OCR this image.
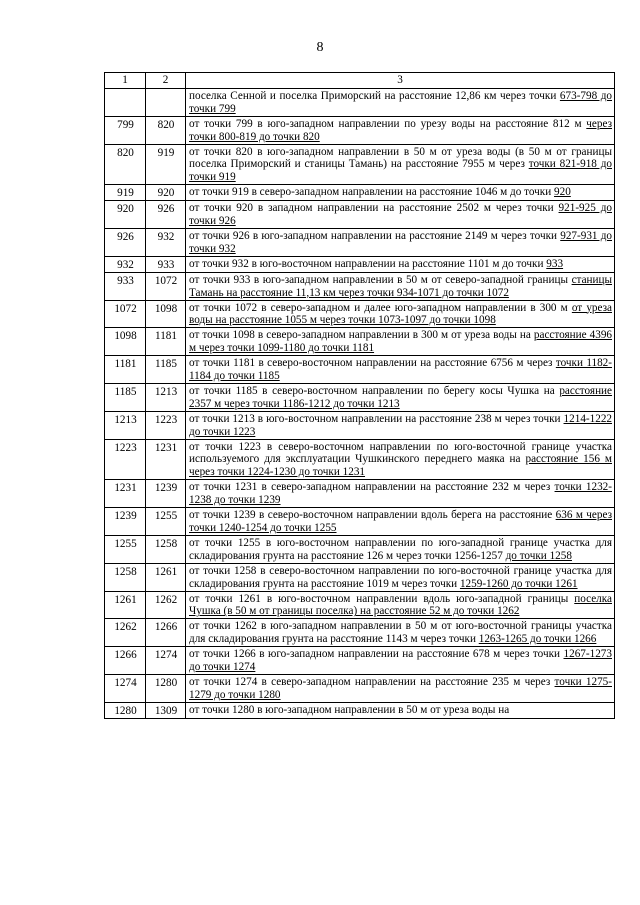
8
1	2	3
		поселка Сенной и поселка Приморский на расстояние 12,86 км через точки 673-798 до точки 799
799	820	от точки 799 в юго-западном направлении по урезу воды на расстояние 812 м через точки 800-819 до точки 820
820	919	от точки 820 в юго-западном направлении в 50 м от уреза воды (в 50 м от границы поселка Приморский и станицы Тамань) на расстояние 7955 м через точки 821-918 до точки 919
919	920	от точки 919 в северо-западном направлении на расстояние 1046 м до точки 920
920	926	от точки 920 в западном направлении на расстояние 2502 м через точки 921-925 до точки 926
926	932	от точки 926 в юго-западном направлении на расстояние 2149 м через точки 927-931 до точки 932
932	933	от точки 932 в юго-восточном направлении на расстояние 1101 м до точки 933
933	1072	от точки 933 в юго-западном направлении в 50 м от северо-западной границы станицы Тамань на расстояние 11,13 км через точки 934-1071 до точки 1072
1072	1098	от точки 1072 в северо-западном и далее юго-западном направлении в 300 м от уреза воды на расстояние 1055 м через точки 1073-1097 до точки 1098
1098	1181	от точки 1098 в северо-западном направлении в 300 м от уреза воды на расстояние 4396 м через точки 1099-1180 до точки 1181
1181	1185	от точки 1181 в северо-восточном направлении на расстояние 6756 м через точки 1182-1184 до точки 1185
1185	1213	от точки 1185 в северо-восточном направлении по берегу косы Чушка на расстояние 2357 м через точки 1186-1212 до точки 1213
1213	1223	от точки 1213 в юго-восточном направлении на расстояние 238 м через точки 1214-1222 до точки 1223
1223	1231	от точки 1223 в северо-восточном направлении по юго-восточной границе участка используемого для эксплуатации Чушкинского переднего маяка на расстояние 156 м через точки 1224-1230 до точки 1231
1231	1239	от точки 1231 в северо-западном направлении на расстояние 232 м через точки 1232-1238 до точки 1239
1239	1255	от точки 1239 в северо-восточном направлении вдоль берега на расстояние 636 м через точки 1240-1254 до точки 1255
1255	1258	от точки 1255 в юго-восточном направлении по юго-западной границе участка для складирования грунта на расстояние 126 м через точки 1256-1257 до точки 1258
1258	1261	от точки 1258 в северо-восточном направлении по юго-восточной границе участка для складирования грунта на расстояние 1019 м через точки 1259-1260 до точки 1261
1261	1262	от точки 1261 в юго-восточном направлении вдоль юго-западной границы поселка Чушка (в 50 м от границы поселка) на расстояние 52 м до точки 1262
1262	1266	от точки 1262 в юго-западном направлении в 50 м от юго-восточной границы участка для складирования грунта на расстояние 1143 м через точки 1263-1265 до точки 1266
1266	1274	от точки 1266 в юго-западном направлении на расстояние 678 м через точки 1267-1273 до точки 1274
1274	1280	от точки 1274 в северо-западном направлении на расстояние 235 м через точки 1275-1279 до точки 1280
1280	1309	от точки 1280 в юго-западном направлении в 50 м от уреза воды на
